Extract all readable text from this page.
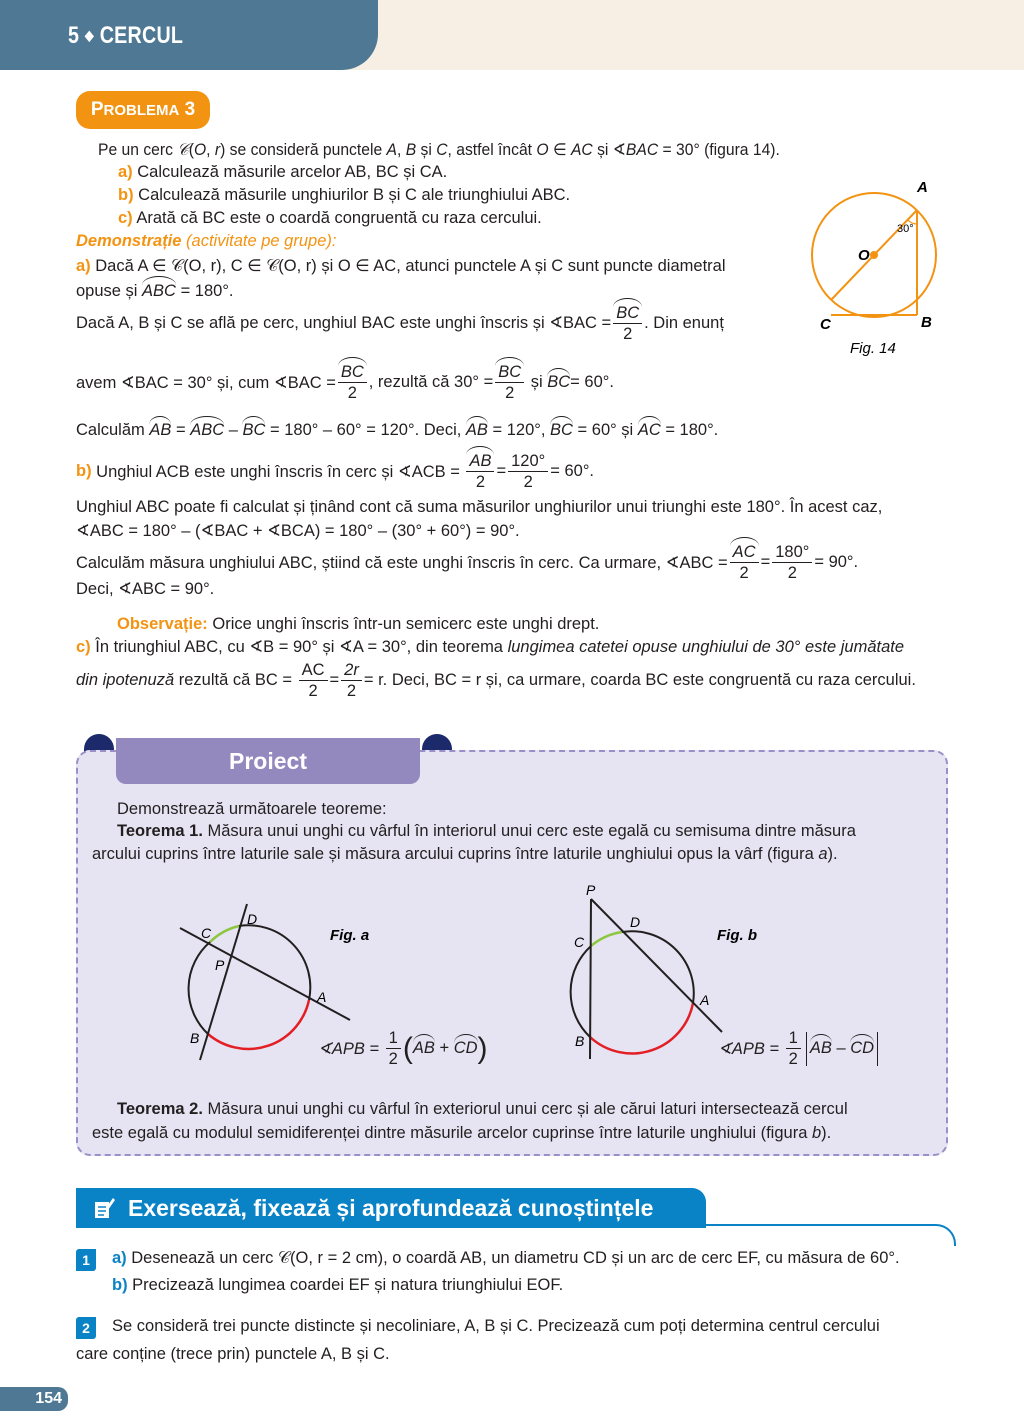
5 ◆ CERCUL
P ROBLEMA
3
Pe un cerc 𝒞(O, r) se consideră punctele A, B și C, astfel încât O ∈ AC și ∢BAC = 30° (figura 14).
a) Calculează măsurile arcelor AB, BC și CA.
b) Calculează măsurile unghiurilor B și C ale triunghiului ABC.
c) Arată că BC este o coardă congruentă cu raza cercului.
Demonstrație (activitate pe grupe):
a) Dacă A ∈ 𝒞(O, r), C ∈ 𝒞(O, r) și O ∈ AC, atunci punctele A și C sunt puncte diametral
opuse și ABC = 180°.
Dacă A, B și C se află pe cerc, unghiul BAC este unghi înscris și ∢BAC = $\frac{BC}{2}$ . Din enunț
avem ∢BAC = 30° și, cum ∢BAC = $\frac{BC}{2}$ , rezultă că $30^\circ = \frac{BC}{2}$ și BC = 60°.
Calculăm AB = ABC – BC = 180° – 60° = 120°. Deci, AB = 120°, BC = 60° și AC = 180°.
b) Unghiul ACB este unghi înscris în cerc și ∢ACB = $\frac{AB}{2} = \frac{120^\circ}{2} = 60^\circ$.
Unghiul ABC poate fi calculat și ținând cont că suma măsurilor unghiurilor unui triunghi este 180°. În acest caz,
∢ABC = 180° – (∢BAC + ∢BCA) = 180° – (30° + 60°) = 90°.
Calculăm măsura unghiului ABC, știind că este unghi înscris în cerc. Ca urmare, ∢ABC = $\frac{AC}{2} = \frac{180^\circ}{2} = 90^\circ$.
Deci, ∢ABC = 90°.
Observație: Orice unghi înscris într-un semicerc este unghi drept.
c) În triunghiul ABC, cu ∢B = 90° și ∢A = 30°, din teorema lungimea catetei opuse unghiului de 30° este jumătate
din ipotenuză rezultă că BC = $\frac{AC}{2} = \frac{2r}{2} = r$. Deci, BC = r și, ca urmare, coarda BC este congruentă cu raza cercului.
A
B
C
O
30°
Fig. 14
Proiect
Demonstrează următoarele teoreme:
Teorema 1. Măsura unui unghi cu vârful în interiorul unui cerc este egală cu semisuma dintre măsura
arcului cuprins între laturile sale și măsura arcului cuprins între laturile unghiului opus la vârf (figura a).
C
D
P
A
B
Fig. a
∢APB = $\frac{1}{2}$ ( AB
+
CD )
P
D
C
A
B
Fig. b
∢APB = $\frac{1}{2}$ AB
–
CD
Teorema 2. Măsura unui unghi cu vârful în exteriorul unui cerc și ale cărui laturi intersectează cercul
este egală cu modulul semidiferenței dintre măsurile arcelor cuprinse între laturile unghiului (figura b).
Exersează, fixează și aprofundează cunoștințele
1 a) Desenează un cerc 𝒞(O, r = 2 cm), o coardă AB, un diametru CD și un arc de cerc EF, cu măsura de 60°.
b) Precizează lungimea coardei EF și natura triunghiului EOF.
2 Se consideră trei puncte distincte și necoliniare, A, B și C. Precizează cum poți determina centrul cercului
care conține (trece prin) punctele A, B și C.
154
